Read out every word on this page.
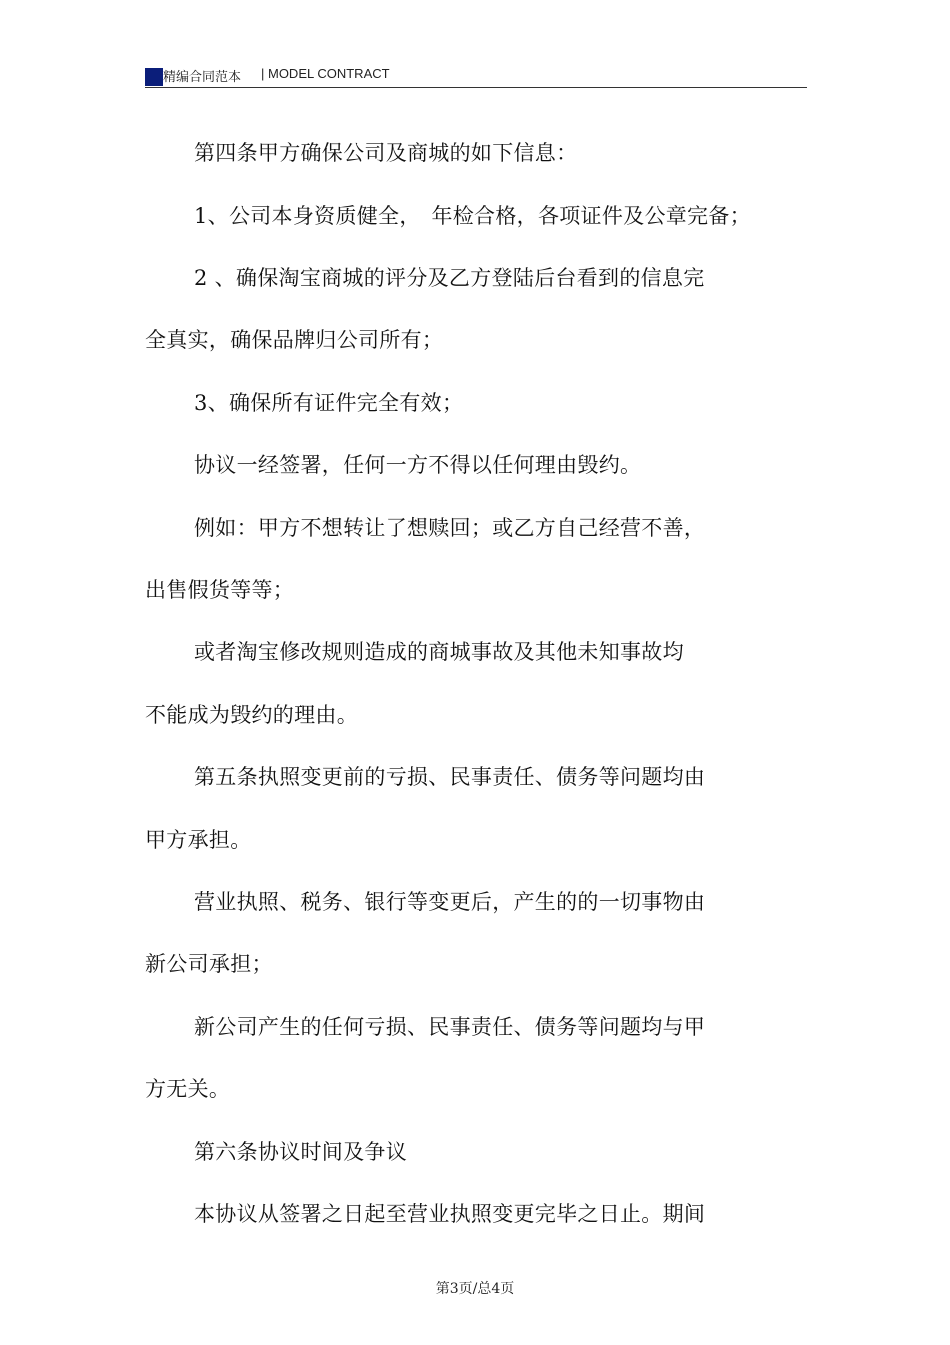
精编合同范本 | MODEL CONTRACT
第四条甲方确保公司及商城的如下信息：
1、公司本身资质健全，　年检合格，各项证件及公章完备；
2 、确保淘宝商城的评分及乙方登陆后台看到的信息完
全真实，确保品牌归公司所有；
3、确保所有证件完全有效；
协议一经签署，任何一方不得以任何理由毁约。
例如：甲方不想转让了想赎回；或乙方自己经营不善，
出售假货等等；
或者淘宝修改规则造成的商城事故及其他未知事故均
不能成为毁约的理由。
第五条执照变更前的亏损、民事责任、债务等问题均由
甲方承担。
营业执照、税务、银行等变更后，产生的的一切事物由
新公司承担；
新公司产生的任何亏损、民事责任、债务等问题均与甲
方无关。
第六条协议时间及争议
本协议从签署之日起至营业执照变更完毕之日止。期间
第3页/总4页
